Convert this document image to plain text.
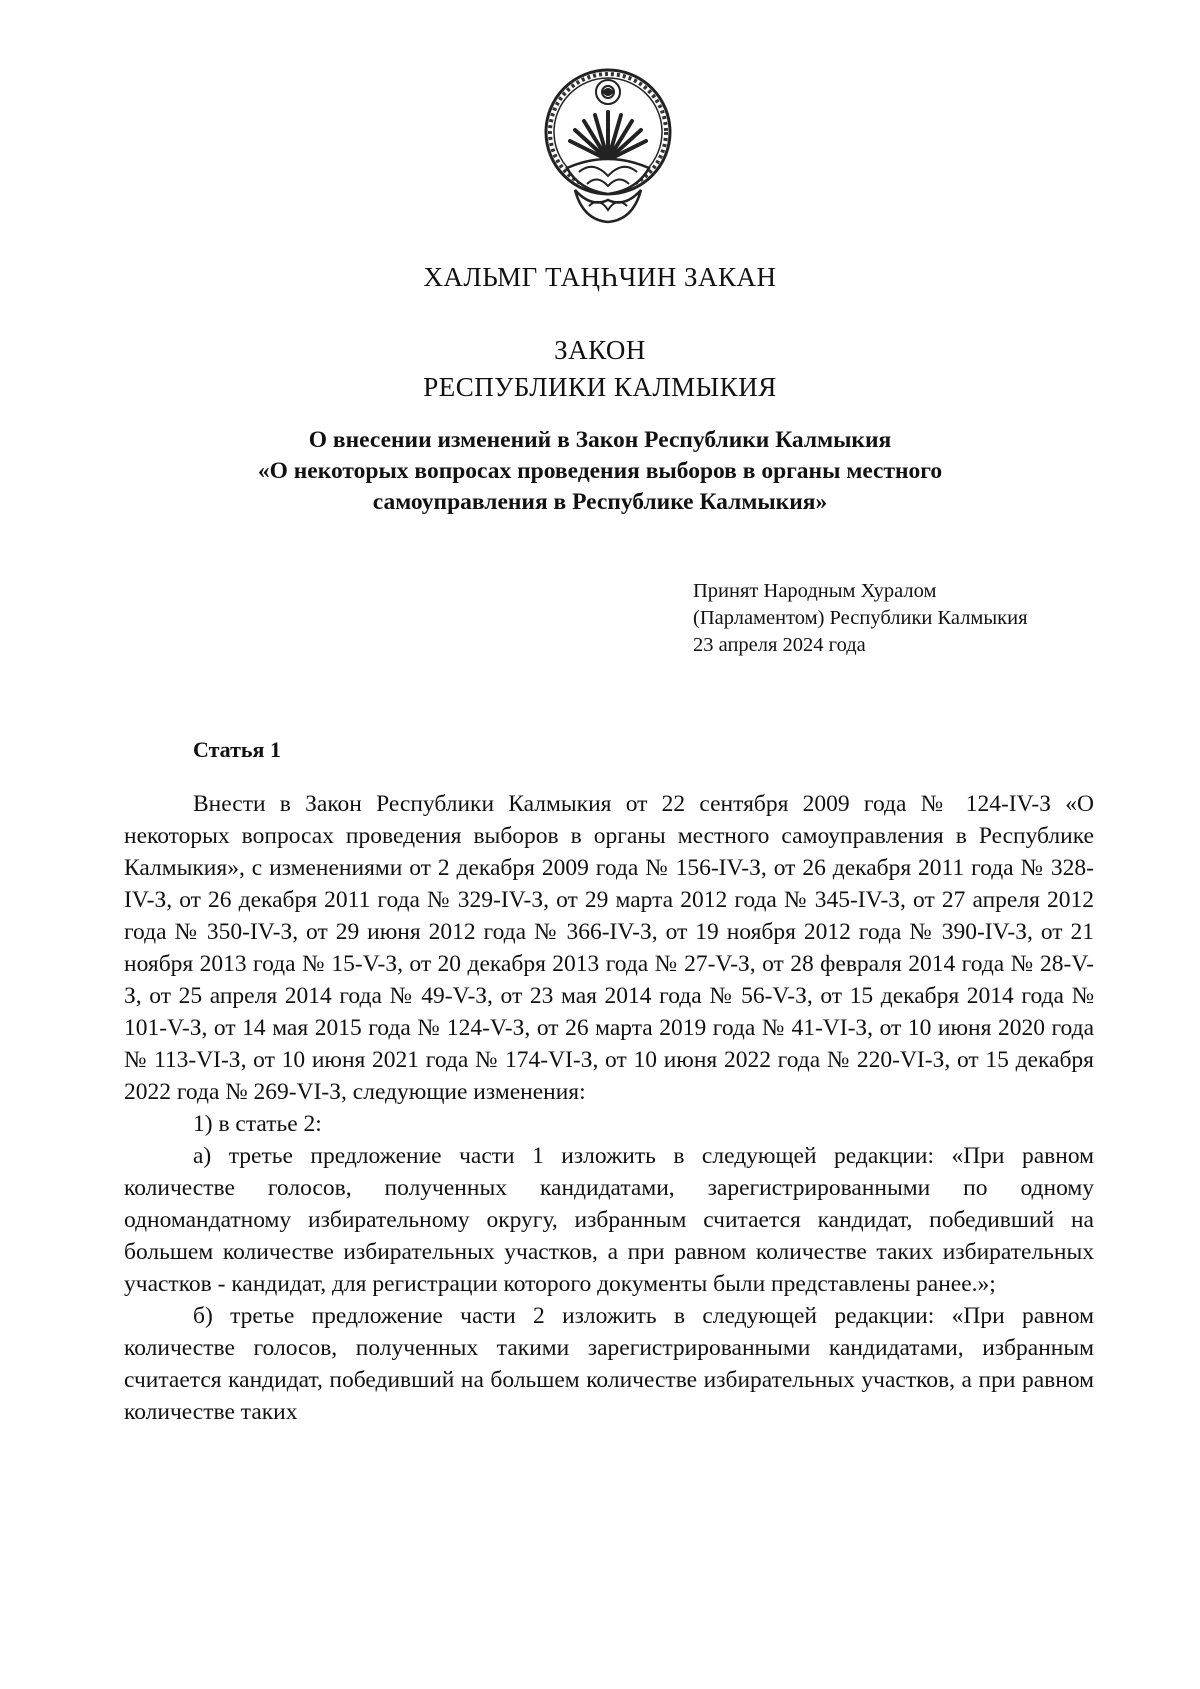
ХАЛЬМГ ТАҢҺЧИН ЗАКАН
ЗАКОН
РЕСПУБЛИКИ КАЛМЫКИЯ
О внесении изменений в Закон Республики Калмыкия
«О некоторых вопросах проведения выборов в органы местного
самоуправления в Республике Калмыкия»
Принят Народным Хуралом
(Парламентом) Республики Калмыкия
23 апреля 2024 года
Статья 1

Внести в Закон Республики Калмыкия от 22 сентября 2009 года № 124-IV-З «О некоторых вопросах проведения выборов в органы местного самоуправления в Республике Калмыкия», с изменениями от 2 декабря 2009 года № 156-IV-З, от 26 декабря 2011 года № 328-IV-З, от 26 декабря 2011 года № 329-IV-З, от 29 марта 2012 года № 345-IV-З, от 27 апреля 2012 года № 350-IV-З, от 29 июня 2012 года № 366-IV-З, от 19 ноября 2012 года № 390-IV-З, от 21 ноября 2013 года № 15-V-З, от 20 декабря 2013 года № 27-V-З, от 28 февраля 2014 года № 28-V-З, от 25 апреля 2014 года № 49-V-З, от 23 мая 2014 года № 56-V-З, от 15 декабря 2014 года № 101-V-З, от 14 мая 2015 года № 124-V-З, от 26 марта 2019 года № 41-VI-З, от 10 июня 2020 года № 113-VI-З, от 10 июня 2021 года № 174-VI-З, от 10 июня 2022 года № 220-VI-З, от 15 декабря 2022 года № 269-VI-З, следующие изменения:

1) в статье 2:

а) третье предложение части 1 изложить в следующей редакции: «При равном количестве голосов, полученных кандидатами, зарегистрированными по одному одномандатному избирательному округу, избранным считается кандидат, победивший на большем количестве избирательных участков, а при равном количестве таких избирательных участков - кандидат, для регистрации которого документы были представлены ранее.»;

б) третье предложение части 2 изложить в следующей редакции: «При равном количестве голосов, полученных такими зарегистрированными кандидатами, избранным считается кандидат, победивший на большем количестве избирательных участков, а при равном количестве таких
